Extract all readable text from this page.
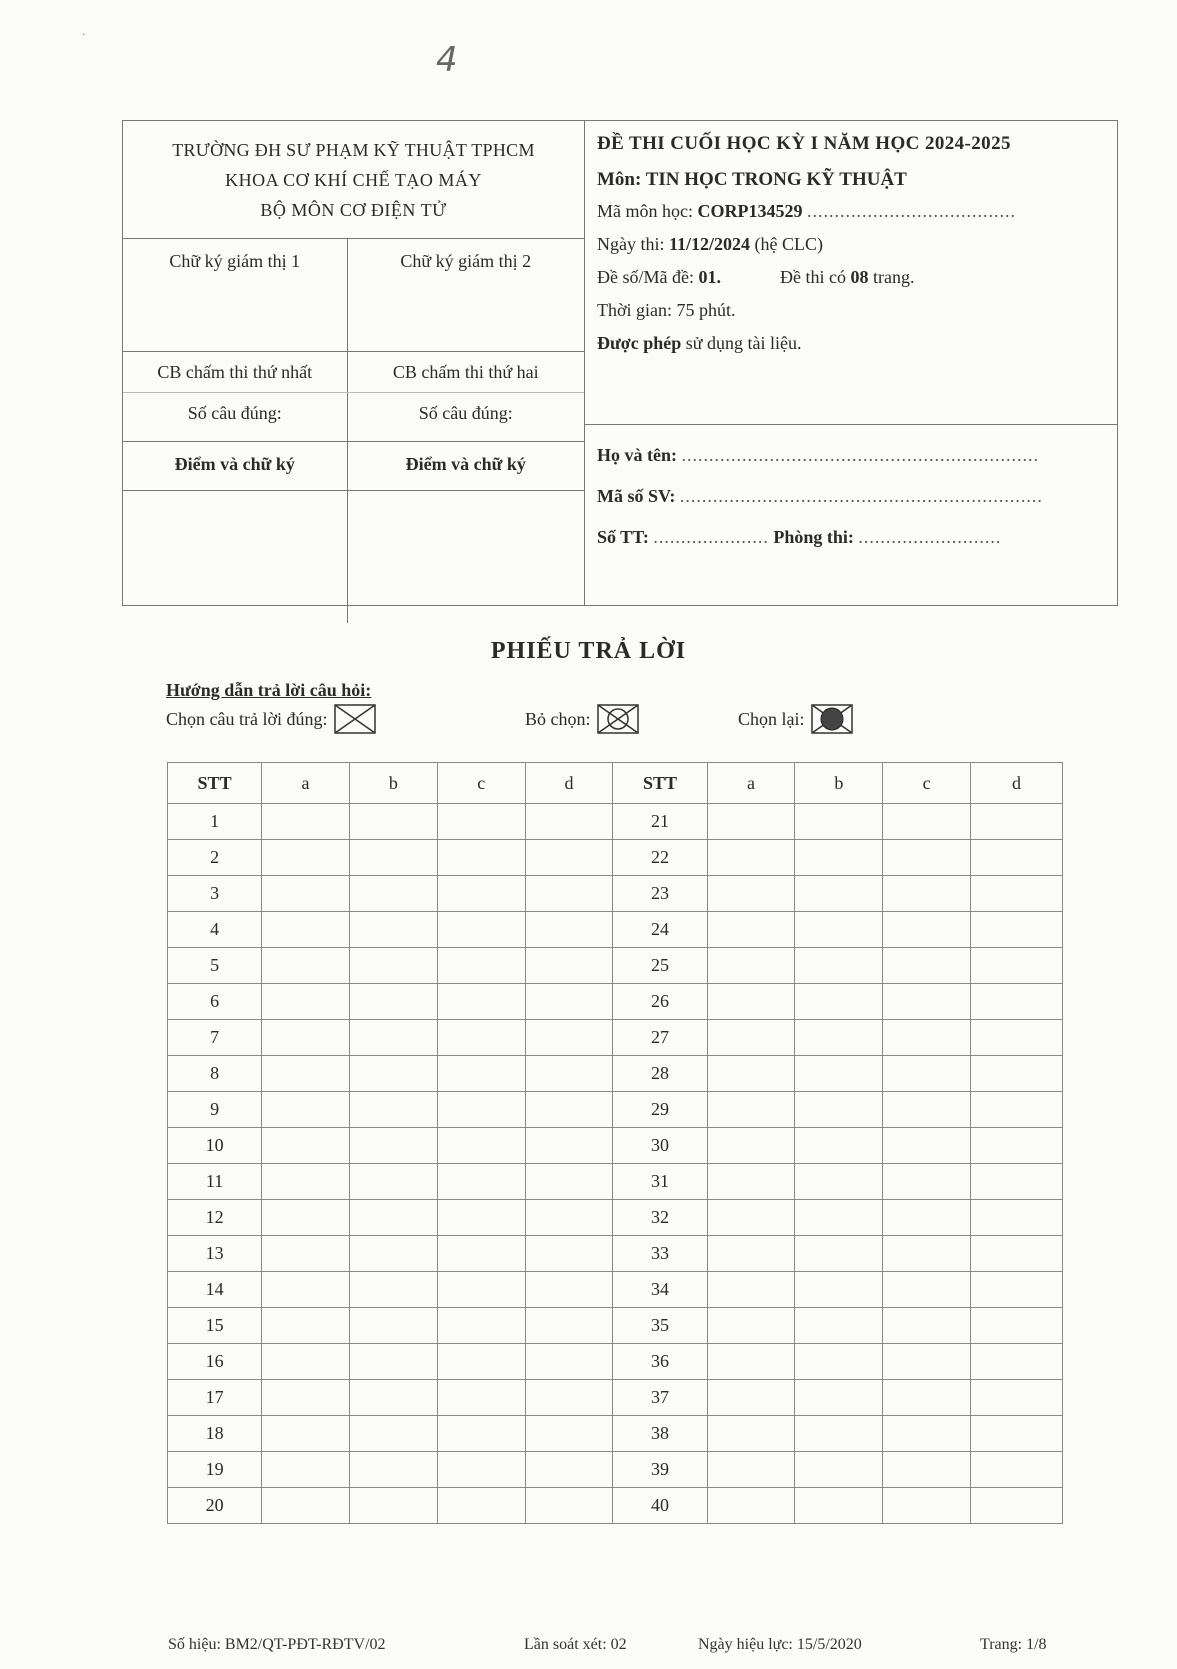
4
·
TRƯỜNG ĐH SƯ PHẠM KỸ THUẬT TPHCM
KHOA CƠ KHÍ CHẾ TẠO MÁY
BỘ MÔN CƠ ĐIỆN TỬ
Chữ ký giám thị 1	Chữ ký giám thị 2
CB chấm thi thứ nhất	CB chấm thi thứ hai
Số câu đúng:	Số câu đúng:
Điểm và chữ ký	Điểm và chữ ký
ĐỀ THI CUỐI HỌC KỲ I NĂM HỌC 2024-2025
Môn: TIN HỌC TRONG KỸ THUẬT
Mã môn học: CORP134529 ......................................
Ngày thi: 11/12/2024 (hệ CLC)
Đề số/Mã đề: 01.	Đề thi có 08 trang.
Thời gian: 75 phút.
Được phép sử dụng tài liệu.
Họ và tên: .................................................................
Mã số SV: ..................................................................
Số TT: ..................... Phòng thi: ..........................
PHIẾU TRẢ LỜI
Hướng dẫn trả lời câu hỏi:
Chọn câu trả lời đúng:	Bỏ chọn:	Chọn lại:
STT	a	b	c	d	STT	a	b	c	d
1					21				
2					22				
3					23				
4					24				
5					25				
6					26				
7					27				
8					28				
9					29				
10					30				
11					31				
12					32				
13					33				
14					34				
15					35				
16					36				
17					37				
18					38				
19					39				
20					40				
Số hiệu: BM2/QT-PĐT-RĐTV/02	Lần soát xét: 02	Ngày hiệu lực: 15/5/2020	Trang: 1/8
